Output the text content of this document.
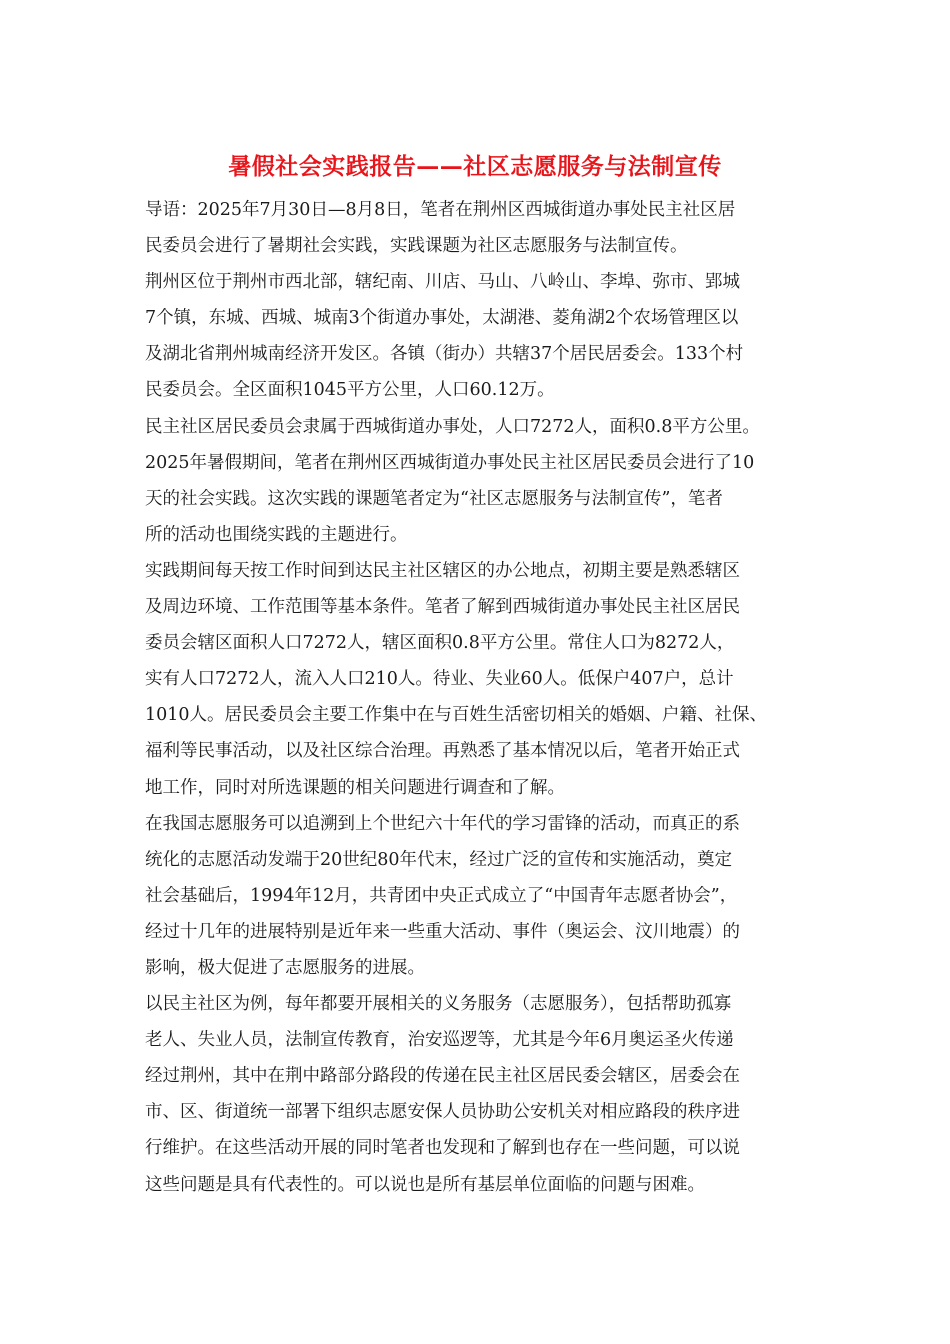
暑假社会实践报告——社区志愿服务与法制宣传
导语：2025年7月30日—8月8日，笔者在荆州区西城街道办事处民主社区居
民委员会进行了暑期社会实践，实践课题为社区志愿服务与法制宣传。
荆州区位于荆州市西北部，辖纪南、川店、马山、八岭山、李埠、弥市、郢城
7个镇，东城、西城、城南3个街道办事处，太湖港、菱角湖2个农场管理区以
及湖北省荆州城南经济开发区。各镇（街办）共辖37个居民居委会。133个村
民委员会。全区面积1045平方公里，人口60.12万。
民主社区居民委员会隶属于西城街道办事处，人口7272人，面积0.8平方公里。
2025年暑假期间，笔者在荆州区西城街道办事处民主社区居民委员会进行了10
天的社会实践。这次实践的课题笔者定为“社区志愿服务与法制宣传”，笔者
所的活动也围绕实践的主题进行。
实践期间每天按工作时间到达民主社区辖区的办公地点，初期主要是熟悉辖区
及周边环境、工作范围等基本条件。笔者了解到西城街道办事处民主社区居民
委员会辖区面积人口7272人，辖区面积0.8平方公里。常住人口为8272人，
实有人口7272人，流入人口210人。待业、失业60人。低保户407户，总计
1010人。居民委员会主要工作集中在与百姓生活密切相关的婚姻、户籍、社保、
福利等民事活动，以及社区综合治理。再熟悉了基本情况以后，笔者开始正式
地工作，同时对所选课题的相关问题进行调查和了解。
在我国志愿服务可以追溯到上个世纪六十年代的学习雷锋的活动，而真正的系
统化的志愿活动发端于20世纪80年代末，经过广泛的宣传和实施活动，奠定
社会基础后，1994年12月，共青团中央正式成立了“中国青年志愿者协会”，
经过十几年的进展特别是近年来一些重大活动、事件（奥运会、汶川地震）的
影响，极大促进了志愿服务的进展。
以民主社区为例，每年都要开展相关的义务服务（志愿服务），包括帮助孤寡
老人、失业人员，法制宣传教育，治安巡逻等，尤其是今年6月奥运圣火传递
经过荆州，其中在荆中路部分路段的传递在民主社区居民委会辖区，居委会在
市、区、街道统一部署下组织志愿安保人员协助公安机关对相应路段的秩序进
行维护。在这些活动开展的同时笔者也发现和了解到也存在一些问题，可以说
这些问题是具有代表性的。可以说也是所有基层单位面临的问题与困难。
